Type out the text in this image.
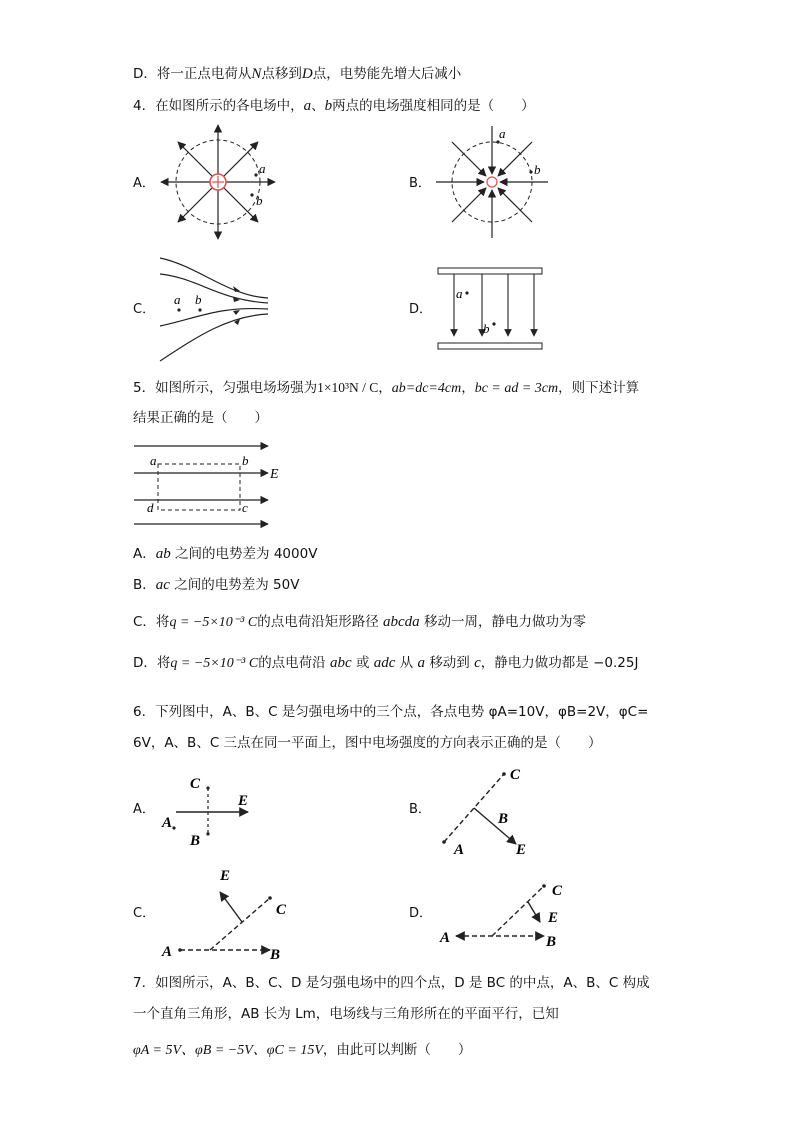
D．将一正点电荷从N点移到D点，电势能先增大后减小
4．在如图所示的各电场中，a、b两点的电场强度相同的是（　　）
A．	B．
C．	D．
a
b
a
b
a b	a
b
5．如图所示，匀强电场场强为1×10³N / C，ab=dc=4cm，bc = ad = 3cm，则下述计算
结果正确的是（　　）
a	b
c
d
E
A．ab 之间的电势差为 4000V
B．ac 之间的电势差为 50V
C．将q = −5×10⁻³ C的点电荷沿矩形路径 abcda 移动一周，静电力做功为零
D．将q = −5×10⁻³ C的点电荷沿 abc 或 adc 从 a 移动到 c，静电力做功都是 −0.25J
6．下列图中，A、B、C 是匀强电场中的三个点，各点电势 φA=10V，φB=2V，φC=
6V，A、B、C 三点在同一平面上，图中电场强度的方向表示正确的是（　　）
A．	B．
C．	D．
C
A
B
E
C
B
A	E
A	B
C
E
A	B
C
E
7．如图所示，A、B、C、D 是匀强电场中的四个点，D 是 BC 的中点，A、B、C 构成
一个直角三角形，AB 长为 Lm，电场线与三角形所在的平面平行，已知
φA = 5V、φB = −5V、φC = 15V，由此可以判断（　　）
